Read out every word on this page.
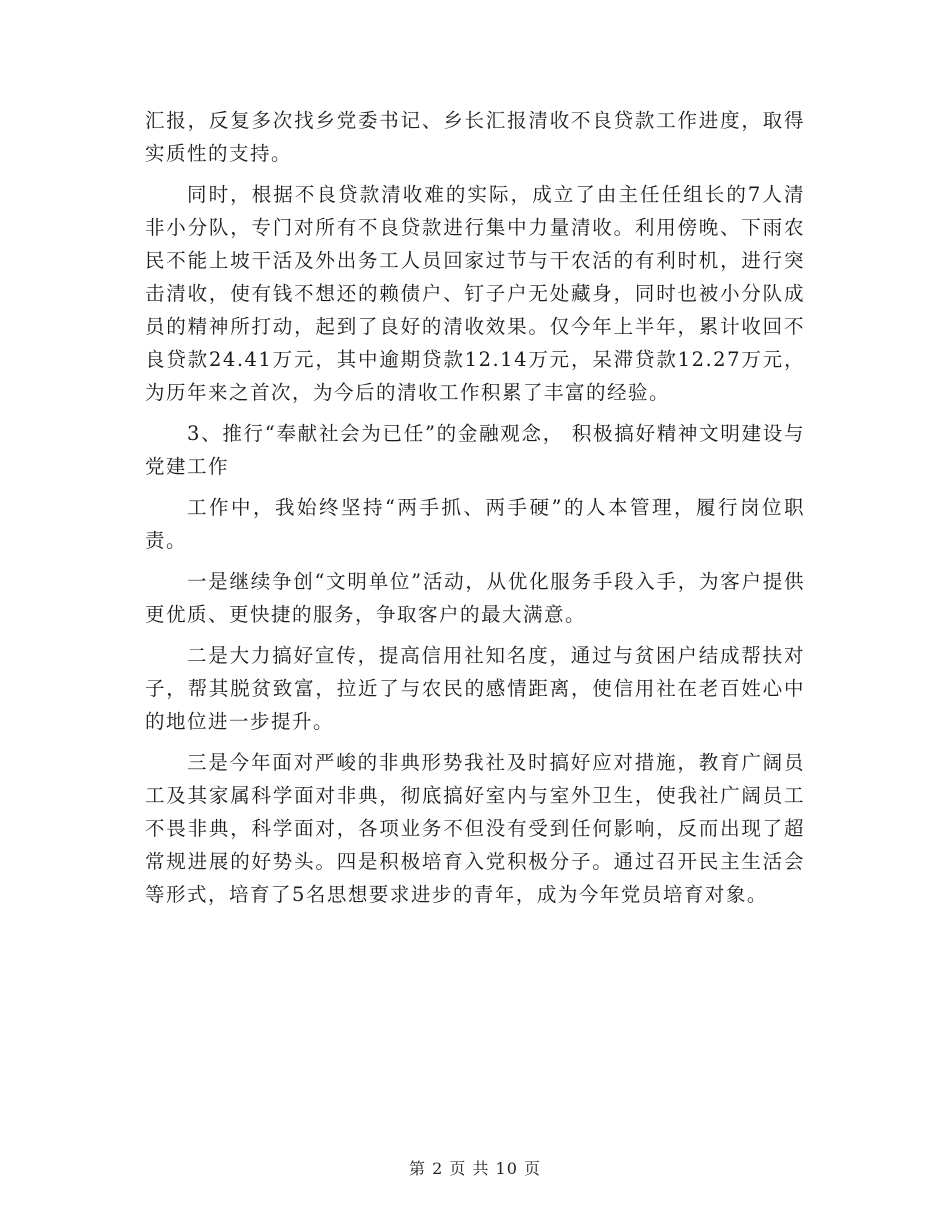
汇报，反复多次找乡党委书记、乡长汇报清收不良贷款工作进度，取得实质性的支持。

同时，根据不良贷款清收难的实际，成立了由主任任组长的7人清非小分队，专门对所有不良贷款进行集中力量清收。利用傍晚、下雨农民不能上坡干活及外出务工人员回家过节与干农活的有利时机，进行突击清收，使有钱不想还的赖债户、钉子户无处藏身，同时也被小分队成员的精神所打动，起到了良好的清收效果。仅今年上半年，累计收回不良贷款24.41万元，其中逾期贷款12.14万元，呆滞贷款12.27万元，为历年来之首次，为今后的清收工作积累了丰富的经验。

3、推行“奉献社会为已任”的金融观念， 积极搞好精神文明建设与党建工作

工作中，我始终坚持“两手抓、两手硬”的人本管理，履行岗位职责。

一是继续争创“文明单位”活动，从优化服务手段入手，为客户提供更优质、更快捷的服务，争取客户的最大满意。

二是大力搞好宣传，提高信用社知名度，通过与贫困户结成帮扶对子，帮其脱贫致富，拉近了与农民的感情距离，使信用社在老百姓心中的地位进一步提升。

三是今年面对严峻的非典形势我社及时搞好应对措施，教育广阔员工及其家属科学面对非典，彻底搞好室内与室外卫生，使我社广阔员工不畏非典，科学面对，各项业务不但没有受到任何影响，反而出现了超常规进展的好势头。四是积极培育入党积极分子。通过召开民主生活会等形式，培育了5名思想要求进步的青年，成为今年党员培育对象。

第 2 页 共 10 页
